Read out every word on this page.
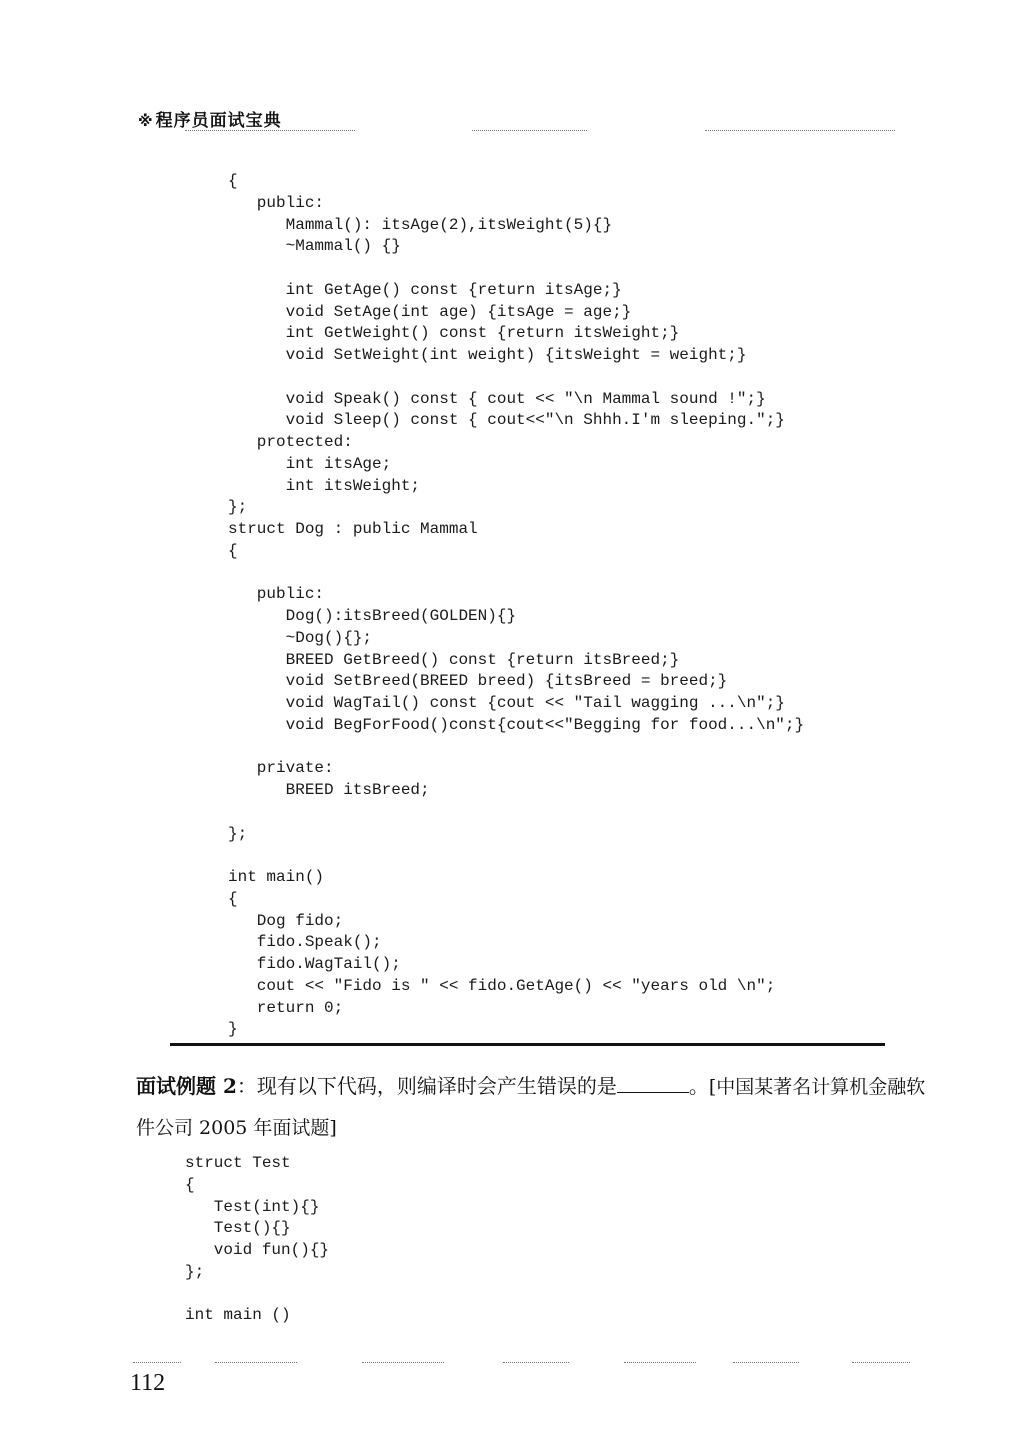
※ 程序员面试宝典
{
public:
Mammal(): itsAge(2),itsWeight(5){}
~Mammal() {}
int GetAge() const {return itsAge;}
void SetAge(int age) {itsAge = age;}
int GetWeight() const {return itsWeight;}
void SetWeight(int weight) {itsWeight = weight;}
void Speak() const { cout << "\n Mammal sound !";}
void Sleep() const { cout<<"\n Shhh.I'm sleeping.";}
protected:
int itsAge;
int itsWeight;
};
struct Dog : public Mammal
{
public:
Dog():itsBreed(GOLDEN){}
~Dog(){};
BREED GetBreed() const {return itsBreed;}
void SetBreed(BREED breed) {itsBreed = breed;}
void WagTail() const {cout << "Tail wagging ...\n";}
void BegForFood()const{cout<<"Begging for food...\n";}
private:
BREED itsBreed;
};
int main()
{
Dog fido;
fido.Speak();
fido.WagTail();
cout << "Fido is " << fido.GetAge() << "years old \n";
return 0;
}
面试例题 2：现有以下代码，则编译时会产生错误的是	。[中国某著名计算机金融软件公司 2005 年面试题]
struct Test
{
Test(int){}
Test(){}
void fun(){}
};
int main ()
112
